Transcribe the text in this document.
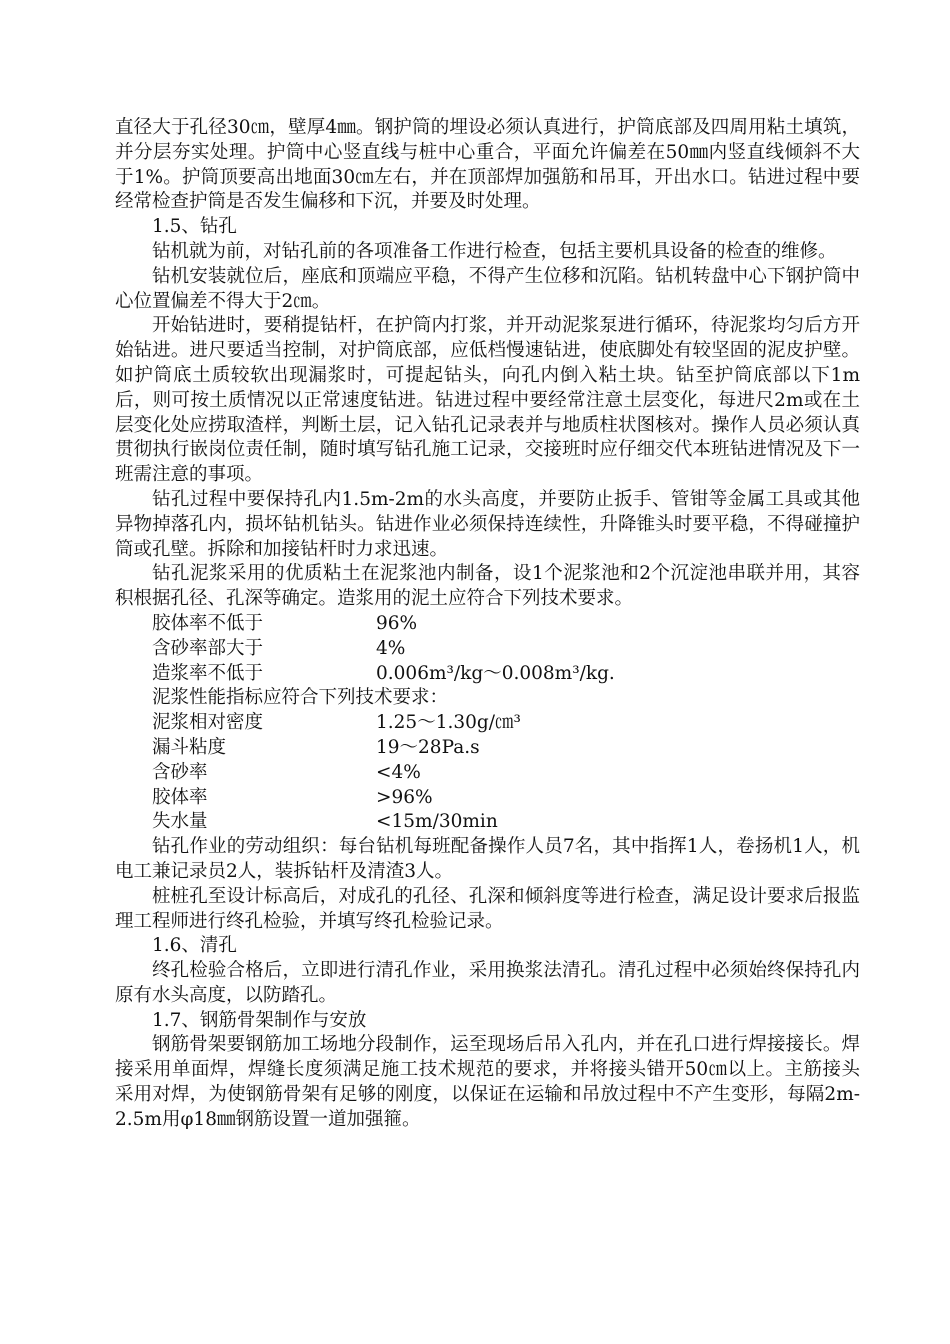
直径大于孔径30㎝，壁厚4㎜。钢护筒的埋设必须认真进行，护筒底部及四周用粘土填筑，并分层夯实处理。护筒中心竖直线与桩中心重合，平面允许偏差在50㎜内竖直线倾斜不大于1%。护筒顶要高出地面30㎝左右，并在顶部焊加强筋和吊耳，开出水口。钻进过程中要经常检查护筒是否发生偏移和下沉，并要及时处理。

1.5、钻孔

钻机就为前，对钻孔前的各项准备工作进行检查，包括主要机具设备的检查的维修。

钻机安装就位后，座底和顶端应平稳，不得产生位移和沉陷。钻机转盘中心下钢护筒中心位置偏差不得大于2㎝。

开始钻进时，要稍提钻杆，在护筒内打浆，并开动泥浆泵进行循环，待泥浆均匀后方开始钻进。进尺要适当控制，对护筒底部，应低档慢速钻进，使底脚处有较坚固的泥皮护壁。如护筒底土质较软出现漏浆时，可提起钻头，向孔内倒入粘土块。钻至护筒底部以下1m后，则可按土质情况以正常速度钻进。钻进过程中要经常注意土层变化，每进尺2m或在土层变化处应捞取渣样，判断土层，记入钻孔记录表并与地质柱状图核对。操作人员必须认真贯彻执行嵌岗位责任制，随时填写钻孔施工记录，交接班时应仔细交代本班钻进情况及下一班需注意的事项。

钻孔过程中要保持孔内1.5m-2m的水头高度，并要防止扳手、管钳等金属工具或其他异物掉落孔内，损坏钻机钻头。钻进作业必须保持连续性，升降锥头时要平稳，不得碰撞护筒或孔壁。拆除和加接钻杆时力求迅速。

钻孔泥浆采用的优质粘土在泥浆池内制备，设1个泥浆池和2个沉淀池串联并用，其容积根据孔径、孔深等确定。造浆用的泥土应符合下列技术要求。

胶体率不低于	96%
含砂率部大于	4%
造浆率不低于	0.006m³/kg～0.008m³/kg.

泥浆性能指标应符合下列技术要求：

泥浆相对密度	1.25～1.30g/㎝³
漏斗粘度	19～28Pa.s
含砂率	<4%
胶体率	>96%
失水量	<15m/30min

钻孔作业的劳动组织：每台钻机每班配备操作人员7名，其中指挥1人，卷扬机1人，机电工兼记录员2人，装拆钻杆及清渣3人。

桩桩孔至设计标高后，对成孔的孔径、孔深和倾斜度等进行检查，满足设计要求后报监理工程师进行终孔检验，并填写终孔检验记录。

1.6、清孔

终孔检验合格后，立即进行清孔作业，采用换浆法清孔。清孔过程中必须始终保持孔内原有水头高度，以防踏孔。

1.7、钢筋骨架制作与安放

钢筋骨架要钢筋加工场地分段制作，运至现场后吊入孔内，并在孔口进行焊接接长。焊接采用单面焊，焊缝长度须满足施工技术规范的要求，并将接头错开50㎝以上。主筋接头采用对焊，为使钢筋骨架有足够的刚度，以保证在运输和吊放过程中不产生变形，每隔2m-2.5m用φ18㎜钢筋设置一道加强箍。
